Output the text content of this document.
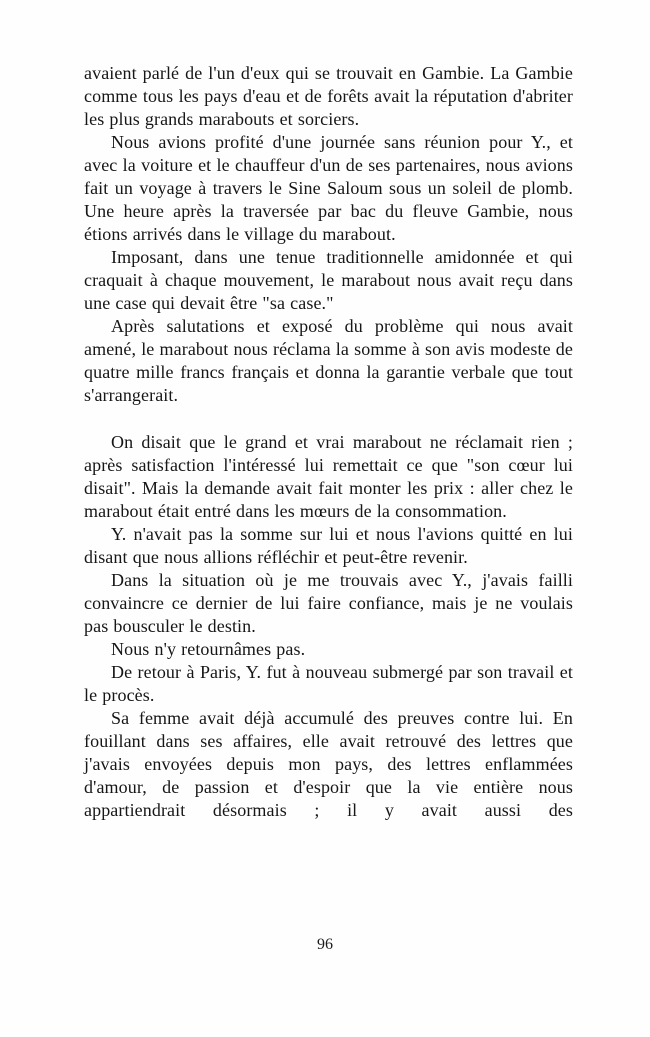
avaient parlé de l'un d'eux qui se trouvait en Gambie. La Gambie comme tous les pays d'eau et de forêts avait la réputation d'abriter les plus grands marabouts et sorciers.

Nous avions profité d'une journée sans réunion pour Y., et avec la voiture et le chauffeur d'un de ses partenaires, nous avions fait un voyage à travers le Sine Saloum sous un soleil de plomb. Une heure après la traversée par bac du fleuve Gambie, nous étions arrivés dans le village du marabout.

Imposant, dans une tenue traditionnelle amidonnée et qui craquait à chaque mouvement, le marabout nous avait reçu dans une case qui devait être "sa case."

Après salutations et exposé du problème qui nous avait amené, le marabout nous réclama la somme à son avis modeste de quatre mille francs français et donna la garantie verbale que tout s'arrangerait.

On disait que le grand et vrai marabout ne réclamait rien ; après satisfaction l'intéressé lui remettait ce que "son cœur lui disait". Mais la demande avait fait monter les prix : aller chez le marabout était entré dans les mœurs de la consommation.

Y. n'avait pas la somme sur lui et nous l'avions quitté en lui disant que nous allions réfléchir et peut-être revenir.

Dans la situation où je me trouvais avec Y., j'avais failli convaincre ce dernier de lui faire confiance, mais je ne voulais pas bousculer le destin.

Nous n'y retournâmes pas.

De retour à Paris, Y. fut à nouveau submergé par son travail et le procès.

Sa femme avait déjà accumulé des preuves contre lui. En fouillant dans ses affaires, elle avait retrouvé des lettres que j'avais envoyées depuis mon pays, des lettres enflammées d'amour, de passion et d'espoir que la vie entière nous appartiendrait désormais ; il y avait aussi des

96
